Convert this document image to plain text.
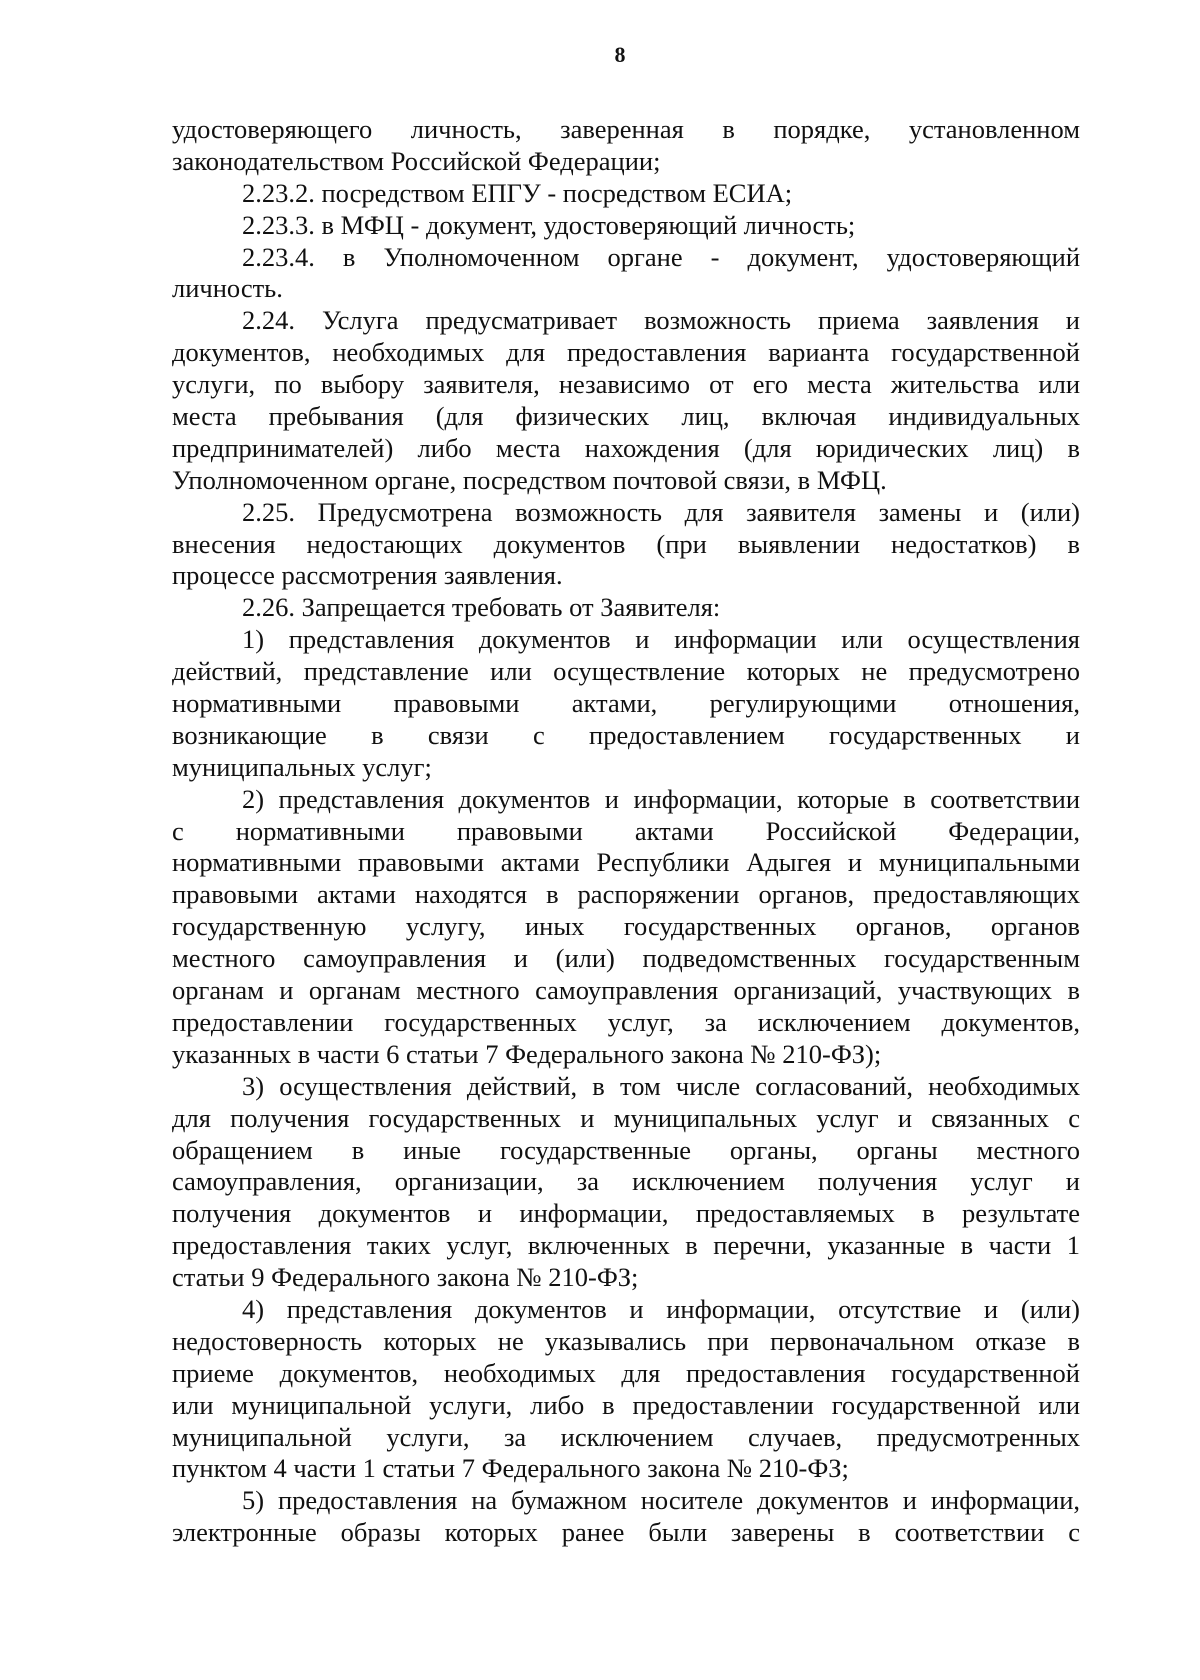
8
удостоверяющего личность, заверенная в порядке, установленном
законодательством Российской Федерации;
2.23.2. посредством ЕПГУ - посредством ЕСИА;
2.23.3. в МФЦ - документ, удостоверяющий личность;
2.23.4. в Уполномоченном органе - документ, удостоверяющий
личность.
2.24. Услуга предусматривает возможность приема заявления и
документов, необходимых для предоставления варианта государственной
услуги, по выбору заявителя, независимо от его места жительства или
места пребывания (для физических лиц, включая индивидуальных
предпринимателей) либо места нахождения (для юридических лиц) в
Уполномоченном органе, посредством почтовой связи, в МФЦ.
2.25. Предусмотрена возможность для заявителя замены и (или)
внесения недостающих документов (при выявлении недостатков) в
процессе рассмотрения заявления.
2.26. Запрещается требовать от Заявителя:
1) представления документов и информации или осуществления
действий, представление или осуществление которых не предусмотрено
нормативными правовыми актами, регулирующими отношения,
возникающие в связи с предоставлением государственных и
муниципальных услуг;
2) представления документов и информации, которые в соответствии
с нормативными правовыми актами Российской Федерации,
нормативными правовыми актами Республики Адыгея и муниципальными
правовыми актами находятся в распоряжении органов, предоставляющих
государственную услугу, иных государственных органов, органов
местного самоуправления и (или) подведомственных государственным
органам и органам местного самоуправления организаций, участвующих в
предоставлении государственных услуг, за исключением документов,
указанных в части 6 статьи 7 Федерального закона № 210-ФЗ);
3) осуществления действий, в том числе согласований, необходимых
для получения государственных и муниципальных услуг и связанных с
обращением в иные государственные органы, органы местного
самоуправления, организации, за исключением получения услуг и
получения документов и информации, предоставляемых в результате
предоставления таких услуг, включенных в перечни, указанные в части 1
статьи 9 Федерального закона № 210-ФЗ;
4) представления документов и информации, отсутствие и (или)
недостоверность которых не указывались при первоначальном отказе в
приеме документов, необходимых для предоставления государственной
или муниципальной услуги, либо в предоставлении государственной или
муниципальной услуги, за исключением случаев, предусмотренных
пунктом 4 части 1 статьи 7 Федерального закона № 210-ФЗ;
5) предоставления на бумажном носителе документов и информации,
электронные образы которых ранее были заверены в соответствии с
